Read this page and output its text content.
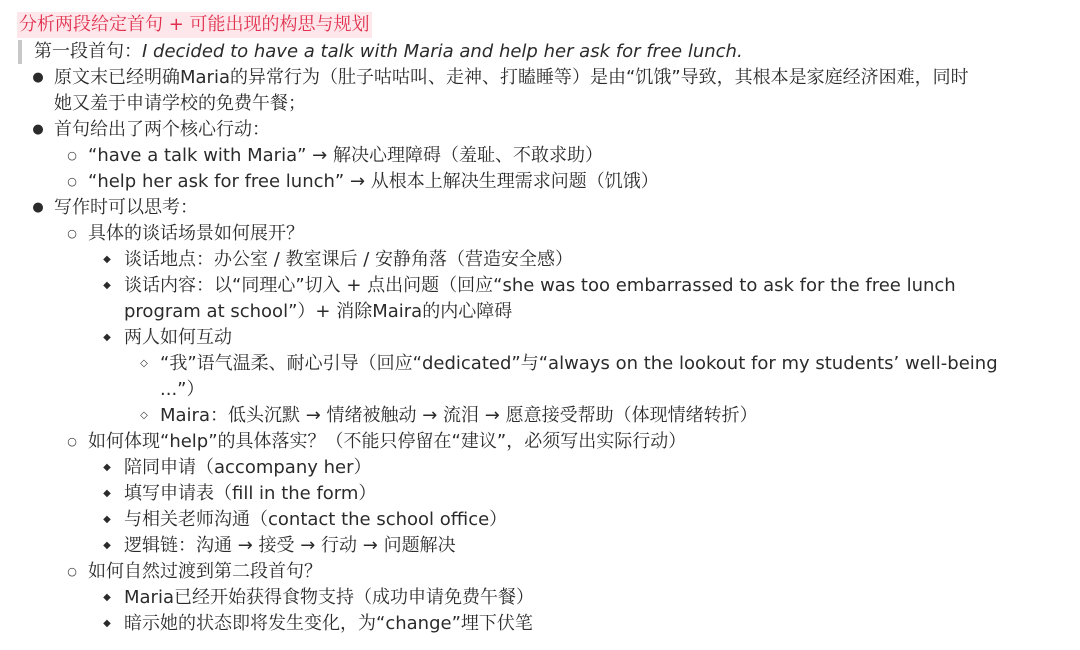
分析两段给定首句 + 可能出现的构思与规划
第一段首句：I decided to have a talk with Maria and help her ask for free lunch.
● 原文末已经明确Maria的异常行为（肚子咕咕叫、走神、打瞌睡等）是由“饥饿”导致，其根本是家庭经济困难，同时
她又羞于申请学校的免费午餐；
● 首句给出了两个核心行动：
○ “have a talk with Maria” → 解决心理障碍（羞耻、不敢求助）
○ “help her ask for free lunch” → 从根本上解决生理需求问题（饥饿）
● 写作时可以思考：
○ 具体的谈话场景如何展开？
◆ 谈话地点：办公室 / 教室课后 / 安静角落（营造安全感）
◆ 谈话内容：以“同理心”切入 + 点出问题（回应“she was too embarrassed to ask for the free lunch
program at school”）+ 消除Maira的内心障碍
◆ 两人如何互动
◇ “我”语气温柔、耐心引导（回应“dedicated”与“always on the lookout for my students’ well-being
...”）
◇ Maira：低头沉默 → 情绪被触动 → 流泪 → 愿意接受帮助（体现情绪转折）
○ 如何体现“help”的具体落实？（不能只停留在“建议”，必须写出实际行动）
◆ 陪同申请（accompany her）
◆ 填写申请表（fill in the form）
◆ 与相关老师沟通（contact the school office）
◆ 逻辑链：沟通 → 接受 → 行动 → 问题解决
○ 如何自然过渡到第二段首句？
◆ Maria已经开始获得食物支持（成功申请免费午餐）
◆ 暗示她的状态即将发生变化，为“change”埋下伏笔
